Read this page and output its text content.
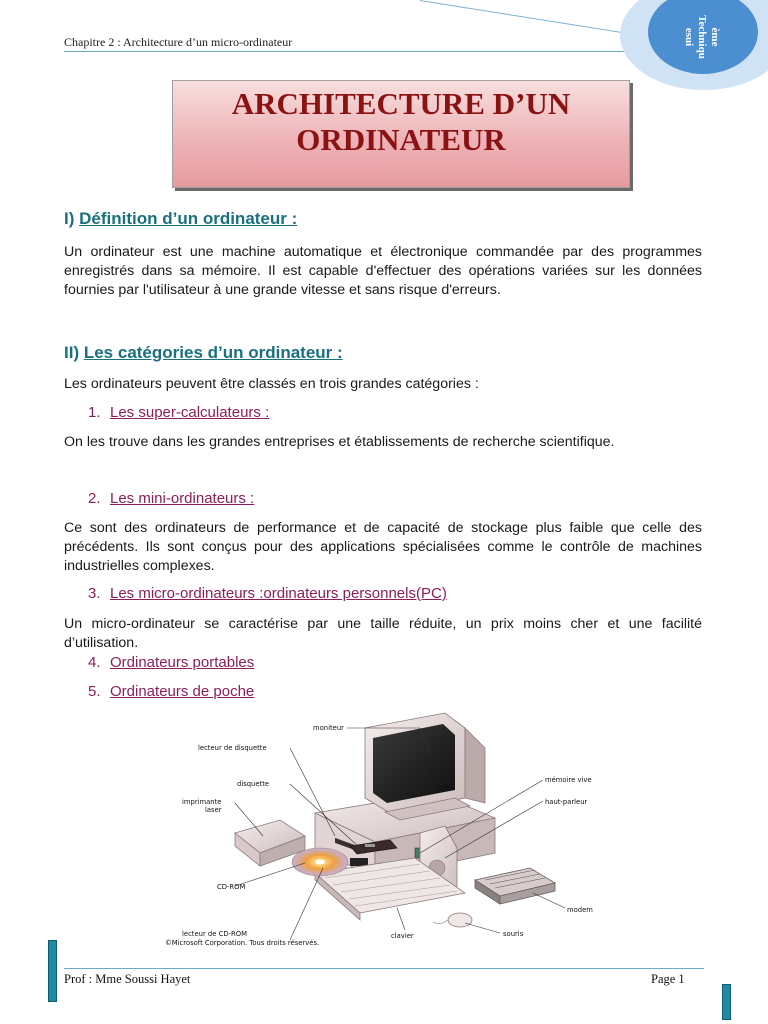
Chapitre 2 : Architecture d’un micro-ordinateur	ème
Techniqu
esui
ARCHITECTURE D’UN
ORDINATEUR
I) Définition d’un ordinateur :
Un ordinateur est une machine automatique et électronique commandée par des programmes enregistrés dans sa mémoire. Il est capable d'effectuer des opérations variées sur les données fournies par l'utilisateur à une grande vitesse et sans risque d'erreurs.
II) Les catégories d’un ordinateur :
Les ordinateurs peuvent être classés en trois grandes catégories :
1. Les super-calculateurs :
On les trouve dans les grandes entreprises et établissements de recherche scientifique.
2. Les mini-ordinateurs :
Ce sont des ordinateurs de performance et de capacité de stockage plus faible que celle des précédents. Ils sont conçus pour des applications spécialisées comme le contrôle de machines industrielles complexes.
3. Les micro-ordinateurs :ordinateurs personnels(PC)
Un micro-ordinateur se caractérise par une taille réduite, un prix moins cher et une facilité d’utilisation.
4. Ordinateurs portables
5. Ordinateurs de poche
moniteur
lecteur de disquette
disquette
imprimante
laser
CD-ROM
lecteur de CD-ROM
mémoire vive
haut-parleur
modem
clavier	souris
©Microsoft Corporation. Tous droits réservés.
Prof : Mme Soussi Hayet	Page 1
